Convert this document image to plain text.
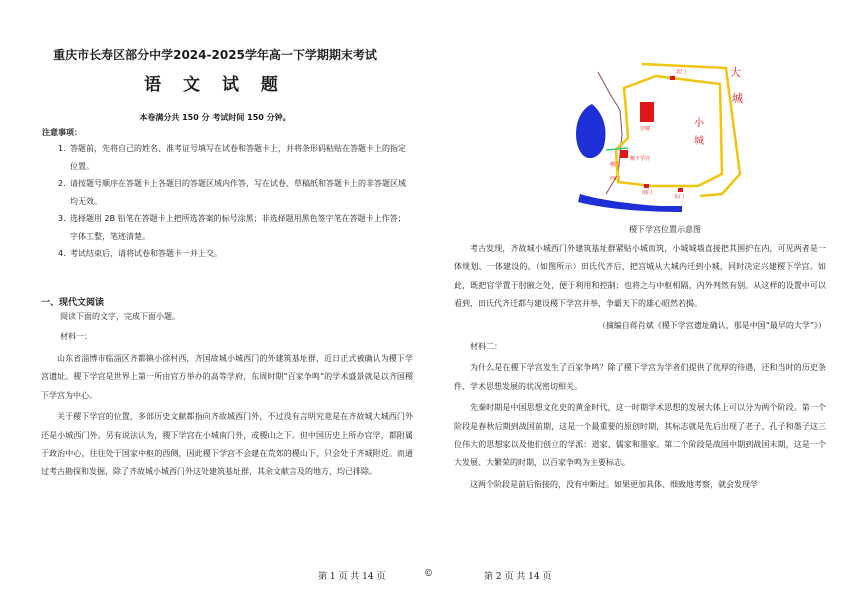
重庆市长寿区部分中学2024-2025学年高一下学期期末考试
语 文 试 题
本卷满分共 150 分 考试时间 150 分钟。
注意事项：
1. 答题前，先将自己的姓名、准考证号填写在试卷和答题卡上，并将条形码粘贴在答题卡上的指定位置。
2. 请按题号顺序在答题卡上各题目的答题区域内作答，写在试卷、草稿纸和答题卡上的非答题区域均无效。
3. 选择题用 2B 铅笔在答题卡上把所选答案的标号涂黑；非选择题用黑色签字笔在答题卡上作答；字体工整，笔迹清楚。
4. 考试结束后，请将试卷和答题卡一并上交。
一、现代文阅读
阅读下面的文字，完成下面小题。
材料一：

山东省淄博市临淄区齐都镇小徐村西，齐国故城小城西门的外建筑基址群，近日正式被确认为稷下学宫遗址。稷下学宫是世界上第一所由官方举办的高等学府，东周时期“百家争鸣”的学术盛景就是以齐国稷下学宫为中心。

关于稷下学宫的位置，多部历史文献都指向齐故城西门外，不过没有言明究竟是在齐故城大城西门外还是小城西门外。另有说法认为，稷下学宫在小城南门外，或稷山之下。但中国历史上所办官学，都附属于政治中心，往往处于国家中枢的西侧，因此稷下学宫不会建在荒郊的稷山下，只会处于齐城附近。而通过考古勘探和发掘，除了齐故城小城西门外这处建筑基址群，其余文献言及的地方，均已排除。

大
城
小
城
北门
宫城
稷下学宫
稷门
南门
东门
西门
稷下学宫位置示意图

考古发现，齐故城小城西门外建筑基址群紧贴小城而筑，小城城墙直接把其围护在内，可见两者是一体规划、一体建设的。（如图所示）田氏代齐后，把宫城从大城内迁到小城，同时决定兴建稷下学宫。如此，既把官学置于肘腋之处，便于利用和控制；也将之与中枢相隔，内外判然有别。从这样的设置中可以看到，田氏代齐迁都与建设稷下学宫并举，争霸天下的雄心昭然若揭。

（摘编自蒋肖斌《稷下学宫遗址确认，那是中国“最早的大学”》）

材料二：

为什么是在稷下学宫发生了百家争鸣？除了稷下学宫为学者们提供了优厚的待遇，还和当时的历史条件、学术思想发展的状况密切相关。

先秦时期是中国思想文化史的黄金时代，这一时期学术思想的发展大体上可以分为两个阶段。第一个阶段是春秋后期到战国前期，这是一个最重要的原创时期，其标志就是先后出现了老子、孔子和墨子这三位伟大的思想家以及他们创立的学派：道家、儒家和墨家。第二个阶段是战国中期到战国末期，这是一个大发展、大繁荣的时期，以百家争鸣为主要标志。

这两个阶段是前后衔接的，没有中断过。如果更加具体、细致地考察，就会发现学

第 1 页 共 14 页	©	第 2 页 共 14 页
